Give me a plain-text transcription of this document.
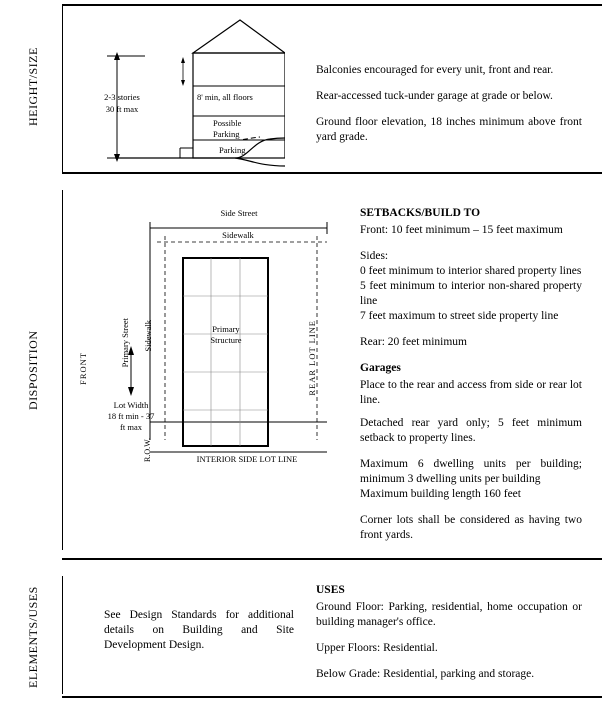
HEIGHT/SIZE	2-3 stories
30 ft max
8' min, all floors
Possible
Parking
Parking

Balconies encouraged for every unit, front and rear.

Rear-accessed tuck-under garage at grade or below.

Ground floor elevation, 18 inches minimum above front yard grade.

DISPOSITION
Side Street
Sidewalk
Sidewalk
Primary Street
FRONT	REAR LOT LINE
R.O.W.	INTERIOR SIDE LOT LINE
Primary
Structure
Lot Width
18 ft min - 37
ft max

SETBACKS/BUILD TO

Front: 10 feet minimum – 15 feet maximum

Sides:

0 feet minimum to interior shared property lines

5 feet minimum to interior non-shared property line

7 feet maximum to street side property line

Rear: 20 feet minimum

Garages

Place to the rear and access from side or rear lot line.

Detached rear yard only; 5 feet minimum setback to property lines.

Maximum 6 dwelling units per building; minimum 3 dwelling units per building

Maximum building length 160 feet

Corner lots shall be considered as having two front yards.

ELEMENTS/USES	See Design Standards for additional details on Building and Site Development Design.

USES

Ground Floor: Parking, residential, home occupation or building manager's office.

Upper Floors: Residential.

Below Grade: Residential, parking and storage.
